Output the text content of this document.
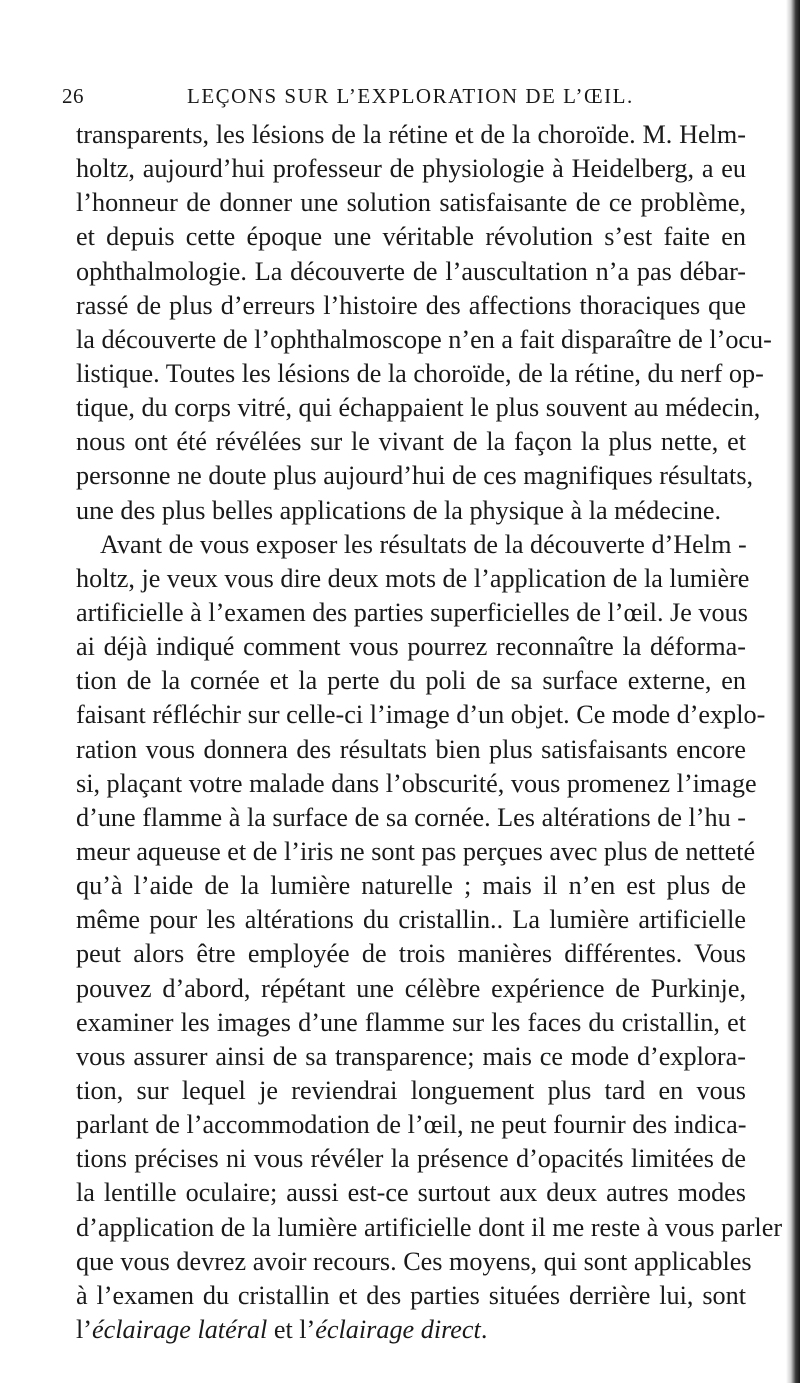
26	LEÇONS SUR L’EXPLORATION DE L’ŒIL.
transparents, les lésions de la rétine et de la choroïde. M. Helm-
holtz, aujourd’hui professeur de physiologie à Heidelberg, a eu
l’honneur de donner une solution satisfaisante de ce problème,
et depuis cette époque une véritable révolution s’est faite en
ophthalmologie. La découverte de l’auscultation n’a pas débar-
rassé de plus d’erreurs l’histoire des affections thoraciques que
la découverte de l’ophthalmoscope n’en a fait disparaître de l’ocu-
listique. Toutes les lésions de la choroïde, de la rétine, du nerf op-
tique, du corps vitré, qui échappaient le plus souvent au médecin,
nous ont été révélées sur le vivant de la façon la plus nette, et
personne ne doute plus aujourd’hui de ces magnifiques résultats,
une des plus belles applications de la physique à la médecine.
Avant de vous exposer les résultats de la découverte d’Helm -
holtz, je veux vous dire deux mots de l’application de la lumière
artificielle à l’examen des parties superficielles de l’œil. Je vous
ai déjà indiqué comment vous pourrez reconnaître la déforma-
tion de la cornée et la perte du poli de sa surface externe, en
faisant réfléchir sur celle-ci l’image d’un objet. Ce mode d’explo-
ration vous donnera des résultats bien plus satisfaisants encore
si, plaçant votre malade dans l’obscurité, vous promenez l’image
d’une flamme à la surface de sa cornée. Les altérations de l’hu -
meur aqueuse et de l’iris ne sont pas perçues avec plus de netteté
qu’à l’aide de la lumière naturelle ; mais il n’en est plus de
même pour les altérations du cristallin.. La lumière artificielle
peut alors être employée de trois manières différentes. Vous
pouvez d’abord, répétant une célèbre expérience de Purkinje,
examiner les images d’une flamme sur les faces du cristallin, et
vous assurer ainsi de sa transparence; mais ce mode d’explora-
tion, sur lequel je reviendrai longuement plus tard en vous
parlant de l’accommodation de l’œil, ne peut fournir des indica-
tions précises ni vous révéler la présence d’opacités limitées de
la lentille oculaire; aussi est-ce surtout aux deux autres modes
d’application de la lumière artificielle dont il me reste à vous parler
que vous devrez avoir recours. Ces moyens, qui sont applicables
à l’examen du cristallin et des parties situées derrière lui, sont
l’éclairage latéral et l’éclairage direct.
